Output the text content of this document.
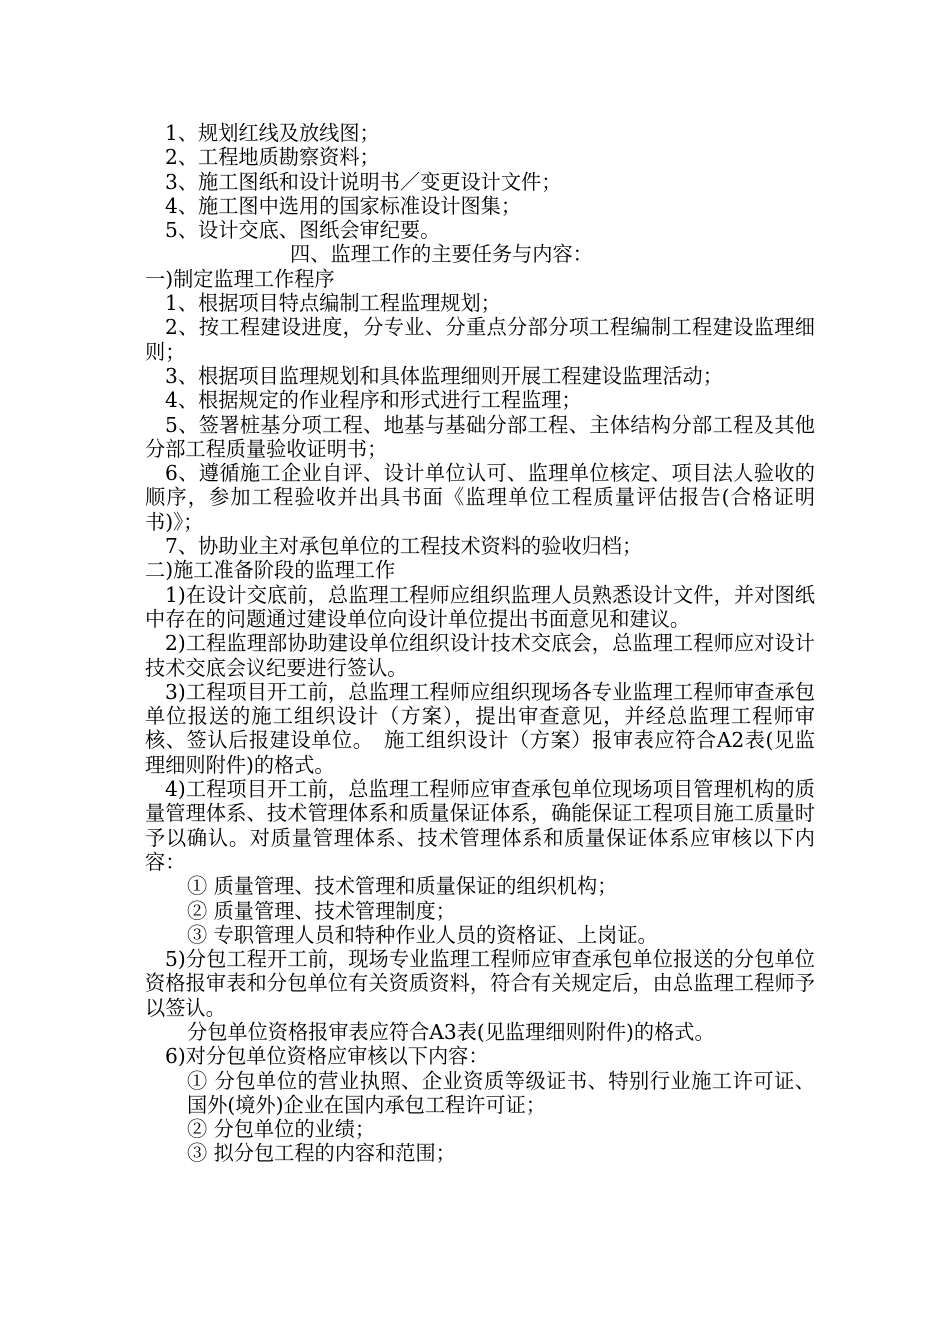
1、规划红线及放线图；
2、工程地质勘察资料；
3、施工图纸和设计说明书／变更设计文件；
4、施工图中选用的国家标准设计图集；
5、设计交底、图纸会审纪要。
四、监理工作的主要任务与内容：
一)制定监理工作程序
1、根据项目特点编制工程监理规划；
2、按工程建设进度，分专业、分重点分部分项工程编制工程建设监理细则；
3、根据项目监理规划和具体监理细则开展工程建设监理活动；
4、根据规定的作业程序和形式进行工程监理；
5、签署桩基分项工程、地基与基础分部工程、主体结构分部工程及其他分部工程质量验收证明书；
6、遵循施工企业自评、设计单位认可、监理单位核定、项目法人验收的顺序，参加工程验收并出具书面《监理单位工程质量评估报告(合格证明书)》；
7、协助业主对承包单位的工程技术资料的验收归档；
二)施工准备阶段的监理工作
1)在设计交底前，总监理工程师应组织监理人员熟悉设计文件，并对图纸中存在的问题通过建设单位向设计单位提出书面意见和建议。
2)工程监理部协助建设单位组织设计技术交底会，总监理工程师应对设计技术交底会议纪要进行签认。
3)工程项目开工前，总监理工程师应组织现场各专业监理工程师审查承包单位报送的施工组织设计（方案），提出审查意见，并经总监理工程师审核、签认后报建设单位。　施工组织设计（方案）报审表应符合A2表(见监理细则附件)的格式。
4)工程项目开工前，总监理工程师应审查承包单位现场项目管理机构的质量管理体系、技术管理体系和质量保证体系，确能保证工程项目施工质量时予以确认。对质量管理体系、技术管理体系和质量保证体系应审核以下内容：
① 质量管理、技术管理和质量保证的组织机构；
② 质量管理、技术管理制度；
③ 专职管理人员和特种作业人员的资格证、上岗证。
5)分包工程开工前，现场专业监理工程师应审查承包单位报送的分包单位资格报审表和分包单位有关资质资料，符合有关规定后，由总监理工程师予以签认。
分包单位资格报审表应符合A3表(见监理细则附件)的格式。
6)对分包单位资格应审核以下内容：
① 分包单位的营业执照、企业资质等级证书、特别行业施工许可证、国外(境外)企业在国内承包工程许可证；
② 分包单位的业绩；
③ 拟分包工程的内容和范围；
